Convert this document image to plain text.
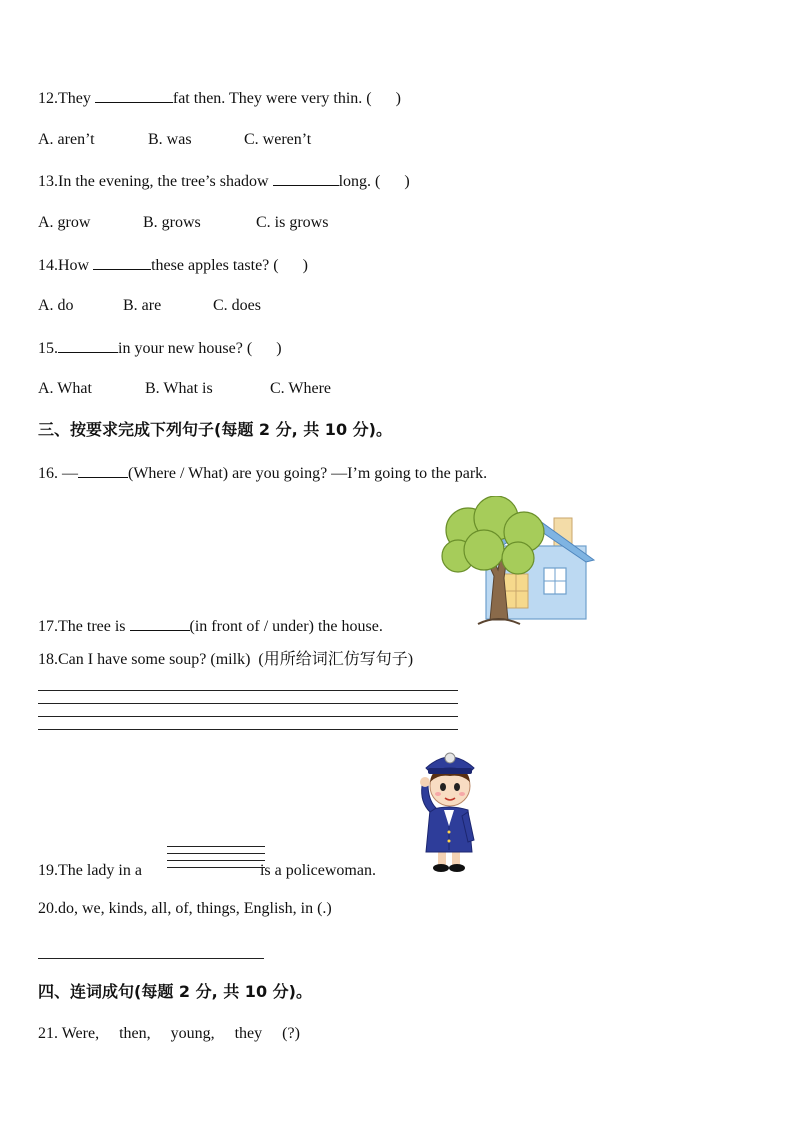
12.They	fat then. They were very thin. (      )
A. aren’t	B. was	C. weren’t
13.In the evening, the tree’s shadow	long. (      )
A. grow	B. grows	C. is grows
14.How	these apples taste? (      )
A. do	B. are	C. does
15.	in your new house? (      )
A. What	B. What is	C. Where
三、按要求完成下列句子(每题 2 分, 共 10 分)。
16. —	(Where / What) are you going? —I’m going to the park.
17.The tree is	(in front of / under) the house.
18.Can I have some soup? (milk)  (用所给词汇仿写句子)
19.The lady in a	is a policewoman.
20.do, we, kinds, all, of, things, English, in (.)
四、连词成句(每题 2 分, 共 10 分)。
21. Were,     then,     young,     they     (?)
